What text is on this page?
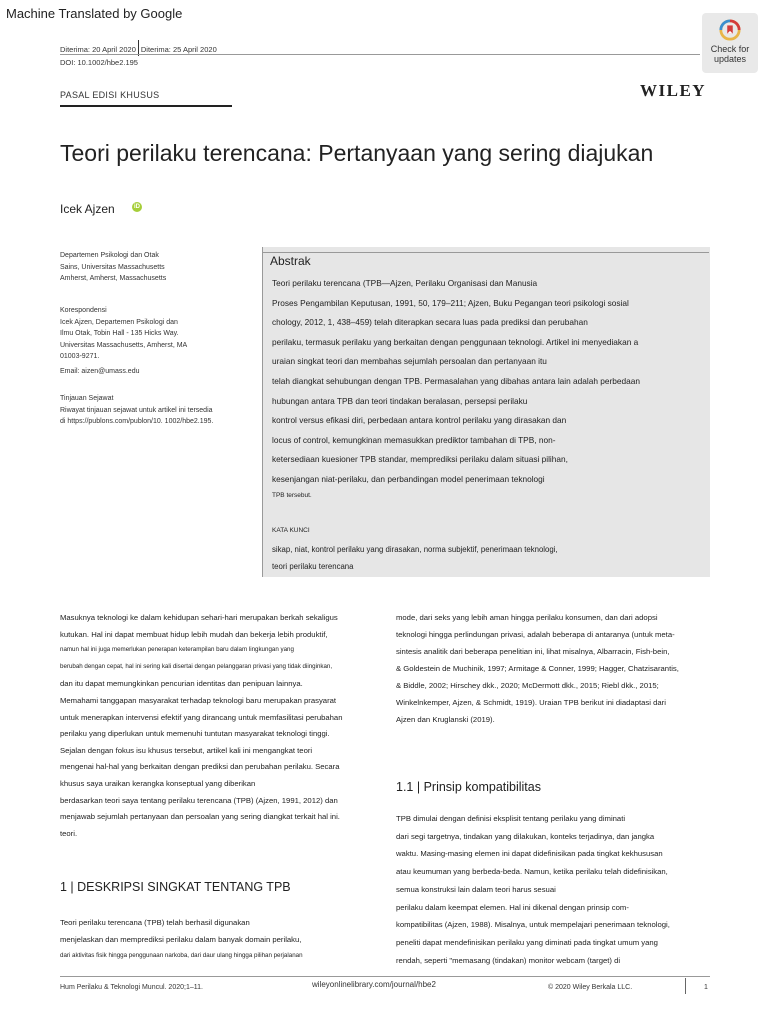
Machine Translated by Google
Diterima: 20 April 2020 Diterima: 25 April 2020
DOI: 10.1002/hbe2.195
Check for
updates
PASAL EDISI KHUSUS	WILEY
Teori perilaku terencana: Pertanyaan yang sering diajukan
Icek Ajzen	iD
Departemen Psikologi dan Otak
Sains, Universitas Massachusetts
Amherst, Amherst, Massachusetts
Korespondensi
Icek Ajzen, Departemen Psikologi dan
Ilmu Otak, Tobin Hall - 135 Hicks Way.
Universitas Massachusetts, Amherst, MA
01003-9271.
Email: aizen@umass.edu
Tinjauan Sejawat
Riwayat tinjauan sejawat untuk artikel ini tersedia
di https://publons.com/publon/10. 1002/hbe2.195.
Abstrak
Teori perilaku terencana (TPB—Ajzen, Perilaku Organisasi dan Manusia
Proses Pengambilan Keputusan, 1991, 50, 179–211; Ajzen, Buku Pegangan teori psikologi sosial
chology, 2012, 1, 438–459) telah diterapkan secara luas pada prediksi dan perubahan
perilaku, termasuk perilaku yang berkaitan dengan penggunaan teknologi. Artikel ini menyediakan a
uraian singkat teori dan membahas sejumlah persoalan dan pertanyaan itu
telah diangkat sehubungan dengan TPB. Permasalahan yang dibahas antara lain adalah perbedaan
hubungan antara TPB dan teori tindakan beralasan, persepsi perilaku
kontrol versus efikasi diri, perbedaan antara kontrol perilaku yang dirasakan dan
locus of control, kemungkinan memasukkan prediktor tambahan di TPB, non-
ketersediaan kuesioner TPB standar, memprediksi perilaku dalam situasi pilihan,
kesenjangan niat-perilaku, dan perbandingan model penerimaan teknologi
TPB tersebut.
KATA KUNCI
sikap, niat, kontrol perilaku yang dirasakan, norma subjektif, penerimaan teknologi,
teori perilaku terencana
Masuknya teknologi ke dalam kehidupan sehari-hari merupakan berkah sekaligus
kutukan. Hal ini dapat membuat hidup lebih mudah dan bekerja lebih produktif,
namun hal ini juga memerlukan penerapan keterampilan baru dalam lingkungan yang
berubah dengan cepat, hal ini sering kali disertai dengan pelanggaran privasi yang tidak diinginkan,
dan itu dapat memungkinkan pencurian identitas dan penipuan lainnya.
Memahami tanggapan masyarakat terhadap teknologi baru merupakan prasyarat
untuk menerapkan intervensi efektif yang dirancang untuk memfasilitasi perubahan
perilaku yang diperlukan untuk memenuhi tuntutan masyarakat teknologi tinggi.
Sejalan dengan fokus isu khusus tersebut, artikel kali ini mengangkat teori
mengenai hal-hal yang berkaitan dengan prediksi dan perubahan perilaku. Secara
khusus saya uraikan kerangka konseptual yang diberikan
berdasarkan teori saya tentang perilaku terencana (TPB) (Ajzen, 1991, 2012) dan
menjawab sejumlah pertanyaan dan persoalan yang sering diangkat terkait hal ini.
teori.
1 | DESKRIPSI SINGKAT TENTANG TPB
Teori perilaku terencana (TPB) telah berhasil digunakan
menjelaskan dan memprediksi perilaku dalam banyak domain perilaku,
dari aktivitas fisik hingga penggunaan narkoba, dari daur ulang hingga pilihan perjalanan
mode, dari seks yang lebih aman hingga perilaku konsumen, dan dari adopsi
teknologi hingga perlindungan privasi, adalah beberapa di antaranya (untuk meta-
sintesis analitik dari beberapa penelitian ini, lihat misalnya, Albarracin, Fish-bein,
& Goldestein de Muchinik, 1997; Armitage & Conner, 1999; Hagger, Chatzisarantis,
& Biddle, 2002; Hirschey dkk., 2020; McDermott dkk., 2015; Riebl dkk., 2015;
Winkelnkemper, Ajzen, & Schmidt, 1919). Uraian TPB berikut ini diadaptasi dari
Ajzen dan Kruglanski (2019).
1.1 | Prinsip kompatibilitas
TPB dimulai dengan definisi eksplisit tentang perilaku yang diminati
dari segi targetnya, tindakan yang dilakukan, konteks terjadinya, dan jangka
waktu. Masing-masing elemen ini dapat didefinisikan pada tingkat kekhususan
atau keumuman yang berbeda-beda. Namun, ketika perilaku telah didefinisikan,
semua konstruksi lain dalam teori harus sesuai
perilaku dalam keempat elemen. Hal ini dikenal dengan prinsip com-
kompatibilitas (Ajzen, 1988). Misalnya, untuk mempelajari penerimaan teknologi,
peneliti dapat mendefinisikan perilaku yang diminati pada tingkat umum yang
rendah, seperti "memasang (tindakan) monitor webcam (target) di
Hum Perilaku & Teknologi Muncul. 2020;1–11.	wileyonlinelibrary.com/journal/hbe2	© 2020 Wiley Berkala LLC.	1
